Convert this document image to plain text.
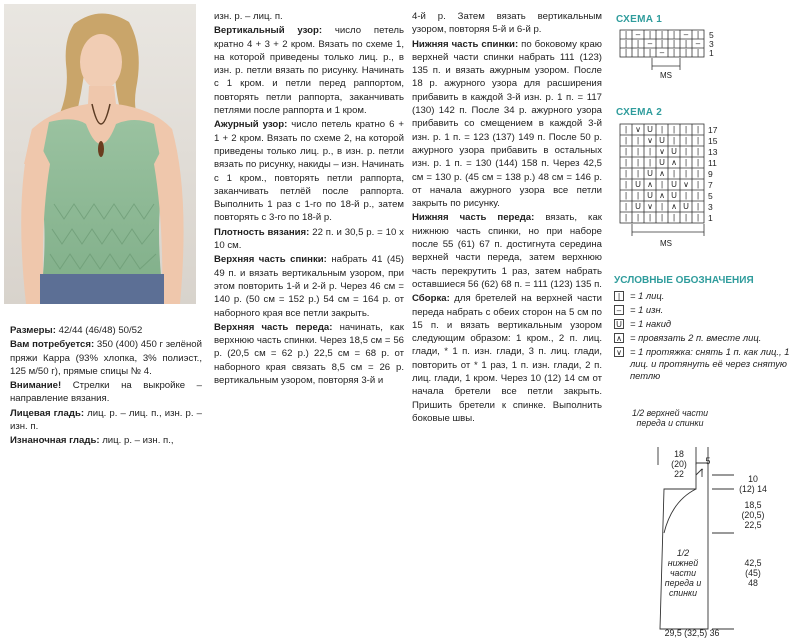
Размеры: 42/44 (46/48) 50/52

Вам потребуется: 350 (400) 450 г зелёной пряжи Карра (93% хлопка, 3% полиэст., 125 м/50 г), прямые спицы № 4.

Внимание! Стрелки на выкройке – направление вязания.

Лицевая гладь: лиц. р. – лиц. п., изн. р. – изн. п.

Изнаночная гладь: лиц. р. – изн. п.,

изн. р. – лиц. п.

Вертикальный узор: число петель кратно 4 + 3 + 2 кром. Вязать по схеме 1, на которой приведены только лиц. р., в изн. р. петли вязать по рисунку. Начинать с 1 кром. и петли перед раппортом, повторять петли раппорта, заканчивать петлями после раппорта и 1 кром.

Ажурный узор: число петель кратно 6 + 1 + 2 кром. Вязать по схеме 2, на которой приведены только лиц. р., в изн. р. петли вязать по рисунку, накиды – изн. Начинать с 1 кром., повторять петли раппорта, заканчивать петлёй после раппорта. Выполнить 1 раз с 1-го по 18-й р., затем повторять с 3-го по 18-й р.

Плотность вязания: 22 п. и 30,5 р. = 10 х 10 см.

Верхняя часть спинки: набрать 41 (45) 49 п. и вязать вертикальным узором, при этом повторить 1-й и 2-й р. Через 46 см = 140 р. (50 см = 152 р.) 54 см = 164 р. от наборного края все петли закрыть.

Верхняя часть переда: начинать, как верхнюю часть спинки. Через 18,5 см = 56 р. (20,5 см = 62 р.) 22,5 см = 68 р. от наборного края связать 8,5 см = 26 р. вертикальным узором, повторяя 3-й и

4-й р. Затем вязать вертикальным узором, повторяя 5-й и 6-й р.

Нижняя часть спинки: по боковому краю верхней части спинки набрать 111 (123) 135 п. и вязать ажурным узором. После 18 р. ажурного узора для расширения прибавить в каждой 3-й изн. р. 1 п. = 117 (130) 142 п. После 34 р. ажурного узора прибавить со смещением в каждой 3-й изн. р. 1 п. = 123 (137) 149 п. После 50 р. ажурного узора прибавить в остальных изн. р. 1 п. = 130 (144) 158 п. Через 42,5 см = 130 р. (45 см = 138 р.) 48 см = 146 р. от начала ажурного узора все петли закрыть по рисунку.

Нижняя часть переда: вязать, как нижнюю часть спинки, но при наборе после 55 (61) 67 п. достигнута середина верхней части переда, затем верхнюю часть перекрутить 1 раз, затем набрать оставшиеся 56 (62) 68 п. = 111 (123) 135 п.

Сборка: для бретелей на верхней части переда набрать с обеих сторон на 5 см по 15 п. и вязать вертикальным узором следующим образом: 1 кром., 2 п. лиц. глади, * 1 п. изн. глади, 3 п. лиц. глади, повторить от * 1 раз, 1 п. изн. глади, 2 п. лиц. глади, 1 кром. Через 10 (12) 14 см от начала бретели все петли закрыть. Пришить бретели к спинке. Выполнить боковые швы.

СХЕМА 1
| – | | | – |
| | – | | | –
| | | – | | |
MS
5
3
1
СХЕМА 2
| ∨ U | | | |
| | ∨ U | | |
| | | ∨ U | |
| | | U ∧ | |
| | U ∧ | | |
| U ∧ | U ∨ |
| | U ∧ U | |
| U ∨ | ∧ U |
| | | | | | |
MS
17
15
13
11
9
7
5
3
1
УСЛОВНЫЕ ОБОЗНАЧЕНИЯ
|	= 1 лиц.
– = 1 изн.
U = 1 накид
∧ = провязать 2 п. вместе лиц.
∨ = 1 протяжка: снять 1 п. как лиц., 1 лиц. и протянуть её через снятую петлю
1/2 верхней части переда и спинки
18
(20)
22
5
↑
10
(12) 14
18,5
(20,5)
22,5
42,5
(45)
48
1/2 нижней части переда и спинки
29,5 (32,5) 36
